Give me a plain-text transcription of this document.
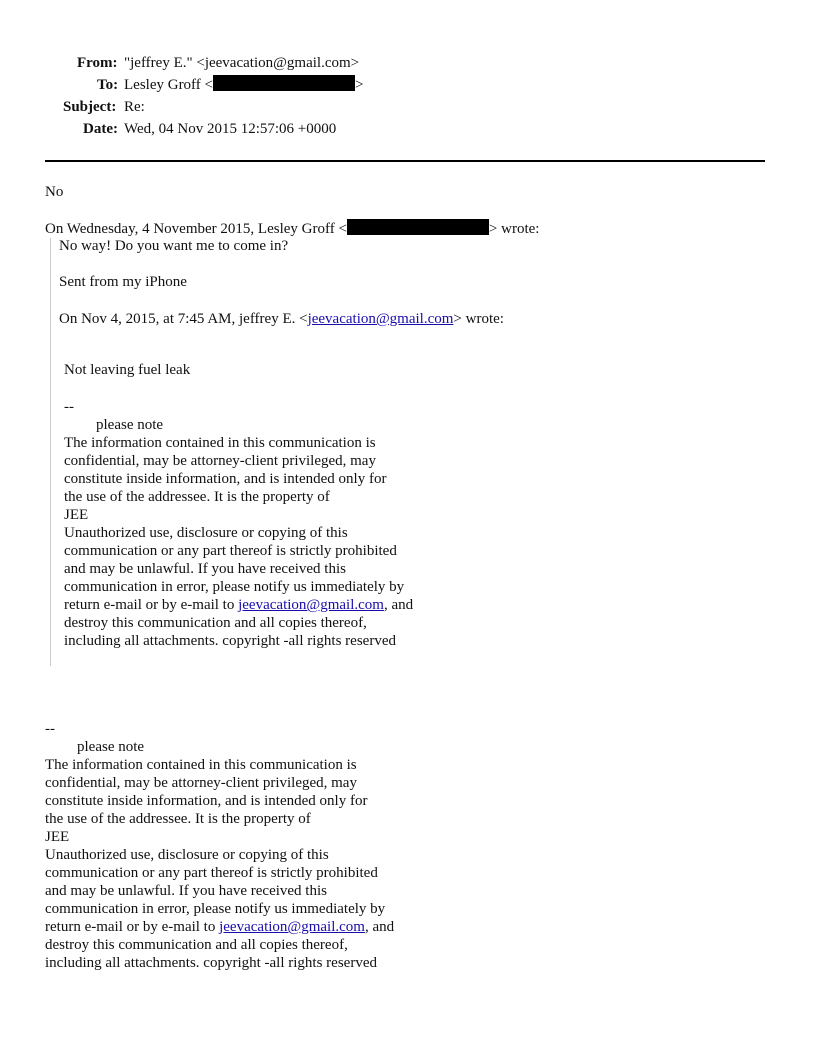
From: "jeffrey E." <jeevacation@gmail.com>
To: Lesley Groff <	>
Subject: Re:
Date: Wed, 04 Nov 2015 12:57:06 +0000
No
On Wednesday, 4 November 2015, Lesley Groff <	> wrote:
No way! Do you want me to come in?
Sent from my iPhone
On Nov 4, 2015, at 7:45 AM, jeffrey E. <jeevacation@gmail.com> wrote:
Not leaving fuel leak
--
please note
The information contained in this communication is
confidential, may be attorney-client privileged, may
constitute inside information, and is intended only for
the use of the addressee. It is the property of
JEE
Unauthorized use, disclosure or copying of this
communication or any part thereof is strictly prohibited
and may be unlawful. If you have received this
communication in error, please notify us immediately by
return e-mail or by e-mail to jeevacation@gmail.com, and
destroy this communication and all copies thereof,
including all attachments. copyright -all rights reserved
--
please note
The information contained in this communication is
confidential, may be attorney-client privileged, may
constitute inside information, and is intended only for
the use of the addressee. It is the property of
JEE
Unauthorized use, disclosure or copying of this
communication or any part thereof is strictly prohibited
and may be unlawful. If you have received this
communication in error, please notify us immediately by
return e-mail or by e-mail to jeevacation@gmail.com, and
destroy this communication and all copies thereof,
including all attachments. copyright -all rights reserved
